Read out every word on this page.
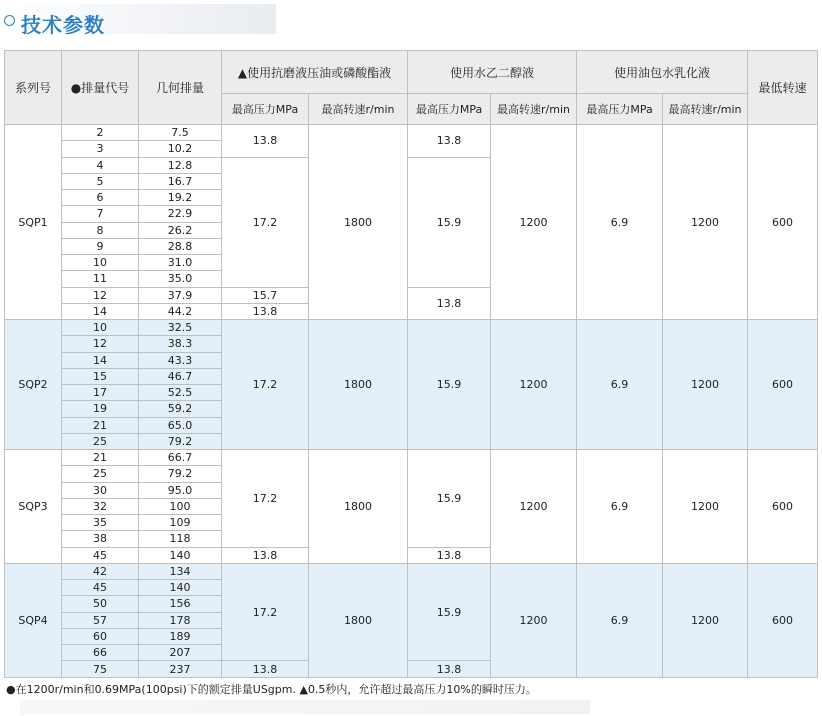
技术参数
系列号	●排量代号	几何排量	▲使用抗磨液压油或磷酸酯液		使用水乙二醇液		使用油包水乳化液		最低转速
			最高压力MPa	最高转速r/min	最高压力MPa	最高转速r/min	最高压力MPa	最高转速r/min	
SQP1	2	7.5	13.8	1800	13.8	1200	6.9	1200	600
	3	10.2							
	4	12.8	17.2		15.9				
	5	16.7							
	6	19.2							
	7	22.9							
	8	26.2							
	9	28.8							
	10	31.0							
	11	35.0							
	12	37.9	15.7		13.8				
	14	44.2	13.8						
SQP2	10	32.5	17.2	1800	15.9	1200	6.9	1200	600
	12	38.3							
	14	43.3							
	15	46.7							
	17	52.5							
	19	59.2							
	21	65.0							
	25	79.2							
SQP3	21	66.7	17.2	1800	15.9	1200	6.9	1200	600
	25	79.2							
	30	95.0							
	32	100							
	35	109							
	38	118							
	45	140	13.8		13.8				
SQP4	42	134	17.2	1800	15.9	1200	6.9	1200	600
	45	140							
	50	156							
	57	178							
	60	189							
	66	207							
	75	237	13.8		13.8				
●在1200r/min和0.69MPa(100psi)下的额定排量USgpm. ▲0.5秒内，允许超过最高压力10%的瞬时压力。
